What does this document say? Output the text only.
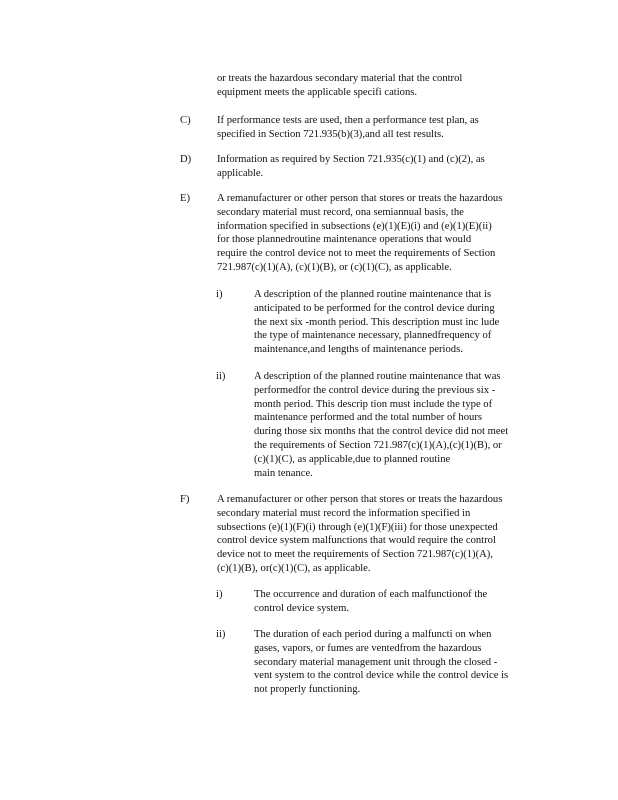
or treats the hazardous secondary material that the control
equipment meets the applicable specifi cations.
C) If performance tests are used, then a performance test plan, as
specified in Section 721.935(b)(3),and all test results.
D) Information as required by Section 721.935(c)(1) and (c)(2), as
applicable.
E)	A remanufacturer or other person that stores or treats the hazardous
secondary material must record, ona semiannual basis, the
information specified in subsections (e)(1)(E)(i) and (e)(1)(E)(ii)
for those plannedroutine maintenance operations that would
require the control device not to meet the requirements of Section
721.987(c)(1)(A), (c)(1)(B), or (c)(1)(C), as applicable.
i)	A description of the planned routine maintenance that is
anticipated to be performed for the control device during
the next six -month period. This description must inc lude
the type of maintenance necessary, plannedfrequency of
maintenance,and lengths of maintenance periods.
ii)	A description of the planned routine maintenance that was
performedfor the control device during the previous six -
month period. This descrip tion must include the type of
maintenance performed and the total number of hours
during those six months that the control device did not meet
the requirements of Section 721.987(c)(1)(A),(c)(1)(B), or
(c)(1)(C), as applicable,due to planned routine
main tenance.
F)	A remanufacturer or other person that stores or treats the hazardous
secondary material must record the information specified in
subsections (e)(1)(F)(i) through (e)(1)(F)(iii) for those unexpected
control device system malfunctions that would require the control
device not to meet the requirements of Section 721.987(c)(1)(A),
(c)(1)(B), or(c)(1)(C), as applicable.
i)	The occurrence and duration of each malfunctionof the
control device system.
ii)	The duration of each period during a malfuncti on when
gases, vapors, or fumes are ventedfrom the hazardous
secondary material management unit through the closed -
vent system to the control device while the control device is
not properly functioning.
